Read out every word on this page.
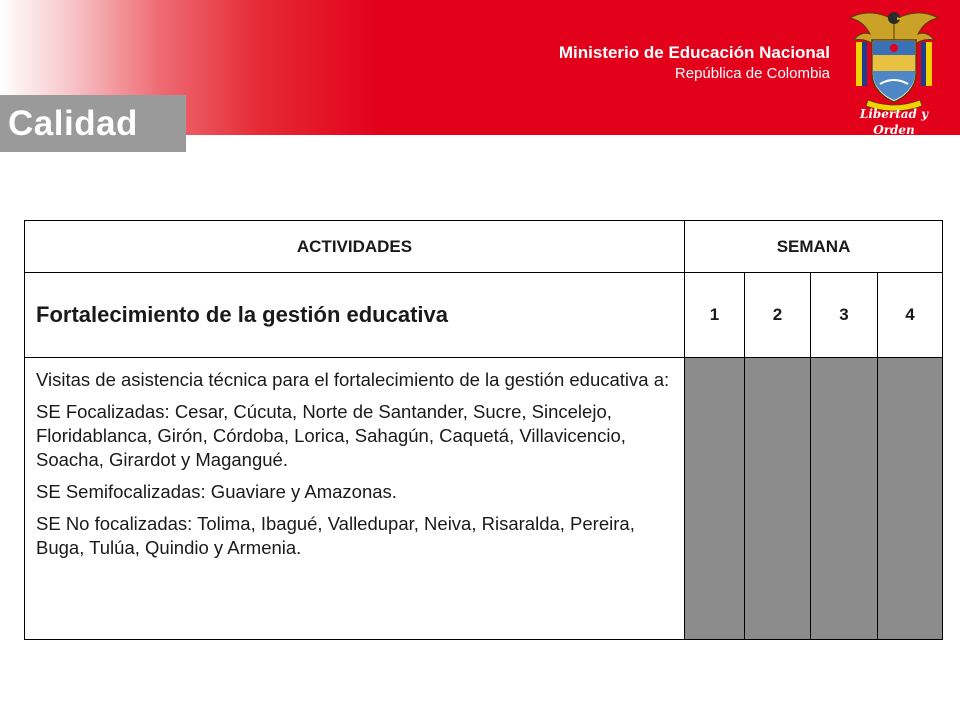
Ministerio de Educación Nacional
República de Colombia
Libertad y Orden
Calidad
ACTIVIDADES	SEMANA			
Fortalecimiento de la gestión educativa	1	2	3	4

Visitas de asistencia técnica para el fortalecimiento de la gestión educativa a:

SE Focalizadas: Cesar, Cúcuta, Norte de Santander, Sucre, Sincelejo, Floridablanca, Girón, Córdoba, Lorica, Sahagún, Caquetá, Villavicencio, Soacha, Girardot y Magangué.

SE Semifocalizadas: Guaviare y Amazonas.

SE No focalizadas: Tolima, Ibagué, Valledupar, Neiva, Risaralda, Pereira, Buga, Tulúa, Quindio y Armenia.				
